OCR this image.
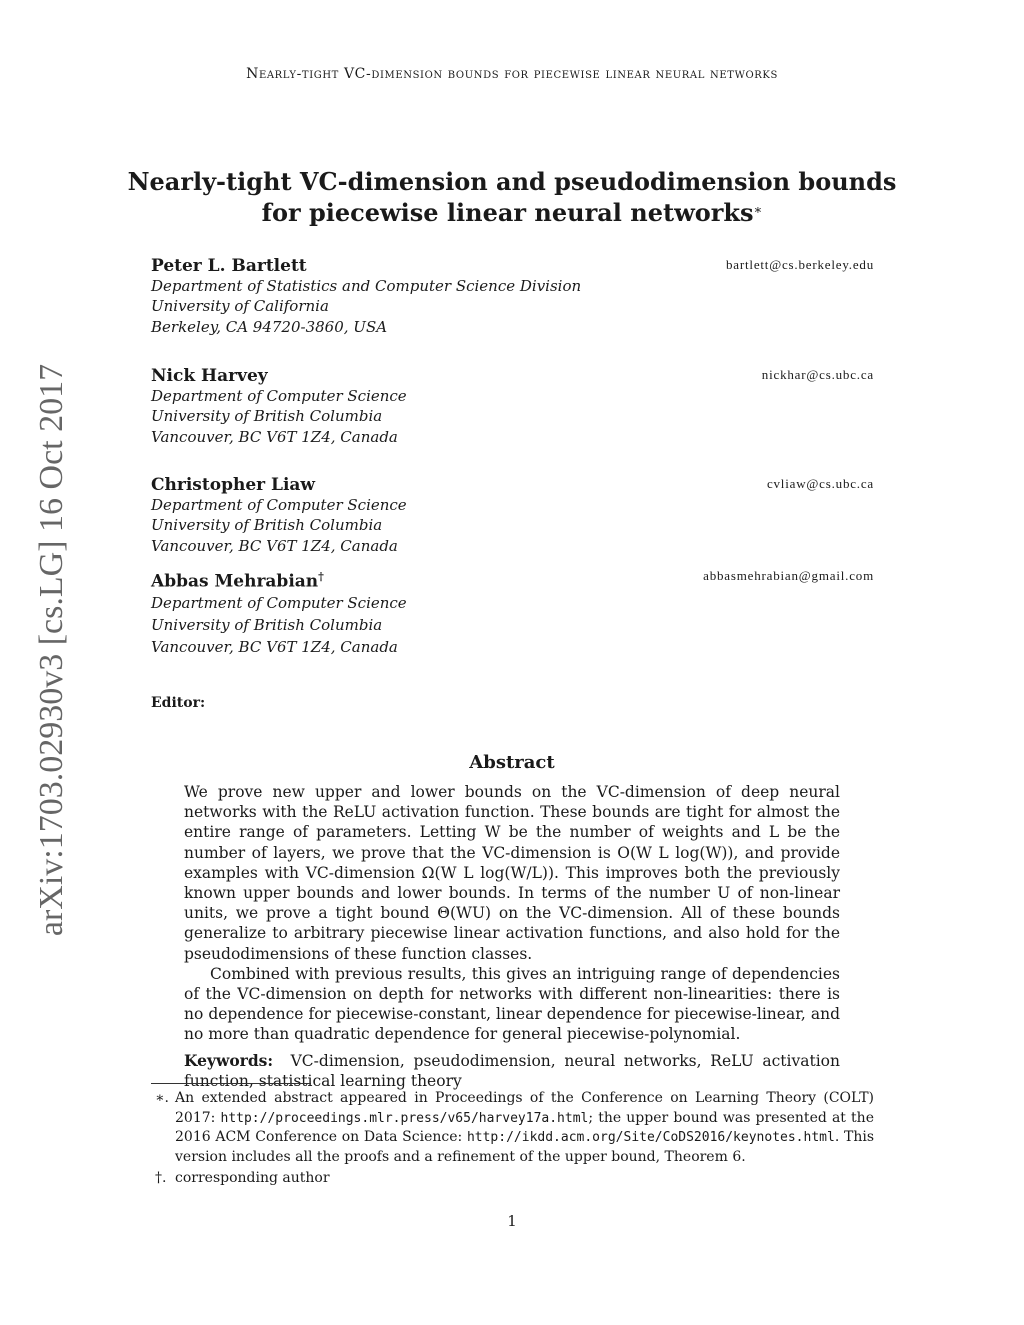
Nearly-tight VC-dimension bounds for piecewise linear neural networks
arXiv:1703.02930v3 [cs.LG] 16 Oct 2017
Nearly-tight VC-dimension and pseudodimension bounds
for piecewise linear neural networks∗
Peter L. Bartlett	bartlett@cs.berkeley.edu
Department of Statistics and Computer Science Division
University of California
Berkeley, CA 94720-3860, USA
Nick Harvey	nickhar@cs.ubc.ca
Department of Computer Science
University of British Columbia
Vancouver, BC V6T 1Z4, Canada
Christopher Liaw	cvliaw@cs.ubc.ca
Department of Computer Science
University of British Columbia
Vancouver, BC V6T 1Z4, Canada
Abbas Mehrabian†	abbasmehrabian@gmail.com
Department of Computer Science
University of British Columbia
Vancouver, BC V6T 1Z4, Canada
Editor:
Abstract

We prove new upper and lower bounds on the VC-dimension of deep neural networks with the ReLU activation function. These bounds are tight for almost the entire range of parameters. Letting W be the number of weights and L be the number of layers, we prove that the VC-dimension is O(W L log(W)), and provide examples with VC-dimension Ω(W L log(W/L)). This improves both the previously known upper bounds and lower bounds. In terms of the number U of non-linear units, we prove a tight bound Θ(WU) on the VC-dimension. All of these bounds generalize to arbitrary piecewise linear activation functions, and also hold for the pseudodimensions of these function classes.

Combined with previous results, this gives an intriguing range of dependencies of the VC-dimension on depth for networks with different non-linearities: there is no dependence for piecewise-constant, linear dependence for piecewise-linear, and no more than quadratic dependence for general piecewise-polynomial.

Keywords: VC-dimension, pseudodimension, neural networks, ReLU activation function, statistical learning theory

∗. An extended abstract appeared in Proceedings of the Conference on Learning Theory (COLT) 2017: http://proceedings.mlr.press/v65/harvey17a.html; the upper bound was presented at the 2016 ACM Conference on Data Science: http://ikdd.acm.org/Site/CoDS2016/keynotes.html. This version includes all the proofs and a refinement of the upper bound, Theorem 6.
†. corresponding author
1
